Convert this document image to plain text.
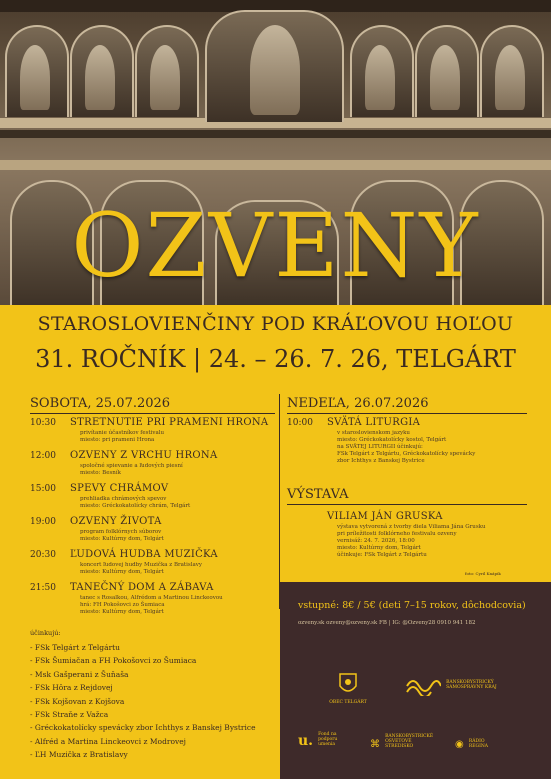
OZVENY
STAROSLOVIENČINY POD KRÁĽOVOU HOĽOU
31. ROČNÍK | 24. – 26. 7. 26, TELGÁRT
SOBOTA, 25.07.2026	NEDEĽA, 26.07.2026
10:30 STRETNUTIE PRI PRAMENI HRONA
privítanie účastníkov festivalu
miesto: pri prameni Hrona
12:00 OZVENY Z VRCHU HRONA
spoločné spievanie a ľudových piesní
miesto: Besník
15:00 SPEVY CHRÁMOV
prehliadka chrámových spevov
miesto: Gréckokatolícky chrám, Telgárt
19:00 OZVENY ŽIVOTA
program folklórnych súborov
miesto: Kultúrny dom, Telgárt
20:30 ĽUDOVÁ HUDBA MUZIČKA
koncert ľudovej hudby Muzička z Bratislavy
miesto: Kultúrny dom, Telgárt
21:50 TANEČNÝ DOM A ZÁBAVA
tanec s Rosalkou, Alfrédom a Martinou Linckeovou
hrá: FH Pokošovci zo Šumiaca
miesto: Kultúrny dom, Telgárt
10:00 SVÄTÁ LITURGIA
v staroslovienskom jazyku
miesto: Gréckokatolícky kostol, Telgárt
na SVÄTEJ LITURGII účinkujú:
FSk Telgárt z Telgártu, Gréckokatolícky spevácky
zbor Ichthys z Banskej Bystrice
VÝSTAVA
VILIAM JÁN GRUSKA
výstava vytvorená z tvorby diela Viliama Jána Grusku
pri príležitosti folklórneho festivalu ozveny
vernisáž: 24. 7. 2026, 18:00
miesto: Kultúrny dom, Telgárt
účinkuje: FSk Telgárt z Telgártu
foto: Cyril Knápik
účinkujú:
- FSk Telgárt z Telgártu
- FSk Šumiačan a FH Pokošovci zo Šumiaca
- Msk Gašperani z Šuňaša
- FSk Hôra z Rejdovej
- FSk Kojšovan z Kojšova
- FSk Straňe z Važca
- Gréckokatolícky spevácky zbor Ichthys z Banskej Bystrice
- Alfréd a Martina Linckeovci z Modrovej
- ĽH Muzička z Bratislavy
vstupné: 8€ / 5€ (deti 7–15 rokov, dôchodcovia)
ozveny.sk ozveny@ozveny.sk FB | IG: @Ozveny28 0910 941 182
OBEC TELGÁRT
BANSKOBYSTRICKÝ SAMOSPRÁVNY KRAJ
u. Fond na podporu umenia	⌘ BANSKOBYSTRICKÉ OSVETOVÉ STREDISKO	◉ RÁDIO REGINA
